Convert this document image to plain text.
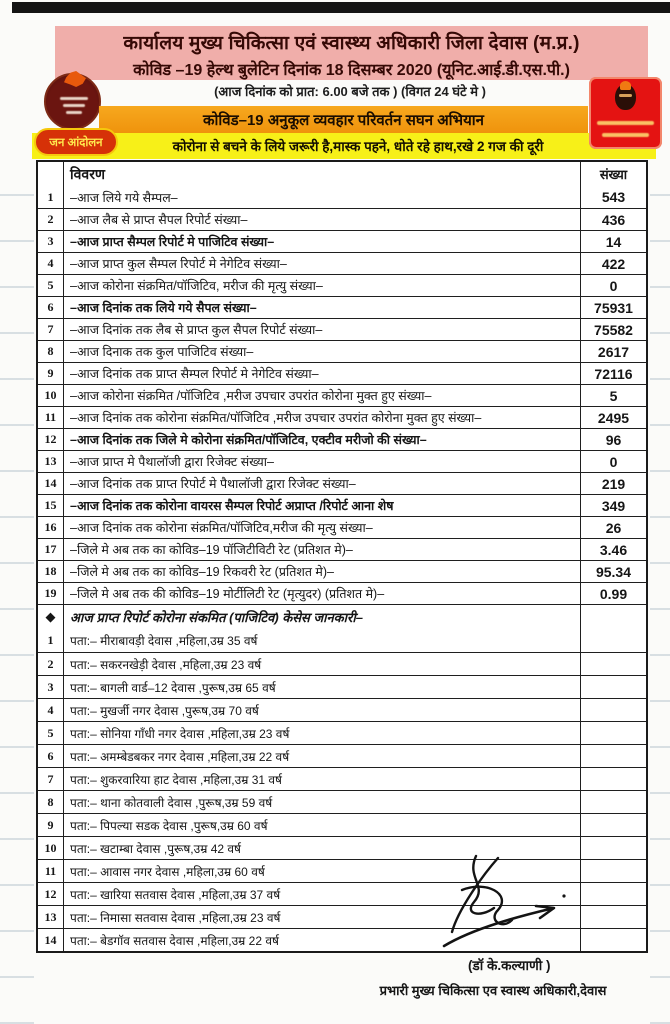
कार्यालय मुख्य चिकित्सा एवं स्वास्थ्य अधिकारी जिला देवास (म.प्र.)
कोविड –19 हेल्थ बुलेटिन दिनांक 18 दिसम्बर 2020 (यूनिट.आई.डी.एस.पी.)
(आज दिनांक को प्रात: 6.00 बजे तक ) (विगत 24 घंटे मे )
जन आंदोलन
कोविड–19 अनुकूल व्यवहार परिवर्तन सघन अभियान
कोरोना से बचने के लिये जरूरी है,मास्क पहने, धोते रहे हाथ,रखे 2 गज की दूरी
विवरण	संख्या
1	–आज लिये गये सैम्पल–	543
2	–आज लैब से प्राप्त सैपल रिपोर्ट संख्या–	436
3	–आज प्राप्त सैम्पल रिपोर्ट मे पाजिटिव संख्या–	14
4	–आज प्राप्त कुल सैम्पल रिपोर्ट मे नेगेटिव संख्या–	422
5	–आज कोरोना संक्रमित/पॉजिटिव, मरीज की मृत्यु संख्या–	0
6	–आज दिनांक तक लिये गये सैपल संख्या–	75931
7	–आज दिनांक तक लैब से प्राप्त कुल सैपल रिपोर्ट संख्या–	75582
8	–आज दिनाक तक कुल पाजिटिव संख्या–	2617
9	–आज दिनांक तक प्राप्त सैम्पल रिपोर्ट मे नेगेटिव संख्या–	72116
10	–आज कोरोना संक्रमित /पॉजिटिव ,मरीज उपचार उपरांत कोरोना मुक्त हुए संख्या–	5
11	–आज दिनांक तक कोरोना संक्रमित/पॉजिटिव ,मरीज उपचार उपरांत कोरोना मुक्त हुए संख्या–	2495
12	–आज दिनांक तक जिले मे कोरोना संक्रमित/पॉजिटिव, एक्टीव मरीजो की संख्या–	96
13	–आज प्राप्त मे पैथालॉजी द्वारा रिजेक्ट संख्या–	0
14	–आज दिनांक तक प्राप्त रिपोर्ट मे पैथालॉजी द्वारा रिजेक्ट संख्या–	219
15	–आज दिनांक तक कोरोना वायरस सैम्पल रिपोर्ट अप्राप्त /रिपोर्ट आना शेष	349
16	–आज दिनांक तक कोरोना संक्रमित/पॉजिटिव,मरीज की मृत्यु संख्या–	26
17	–जिले मे अब तक का कोविड–19 पॉजिटीविटी रेट (प्रतिशत मे)–	3.46
18	–जिले मे अब तक का कोविड–19 रिकवरी रेट (प्रतिशत मे)–	95.34
19	–जिले मे अब तक की कोविड–19 मोर्टीलिटी रेट (मृत्युदर) (प्रतिशत मे)–	0.99
◆	आज प्राप्त रिपोर्ट कोरोना संकमित (पाजिटिव) केसेस जानकारी–
1	पता:– मीराबावड़ी देवास ,महिला,उम्र 35 वर्ष
2	पता:– सकरनखेड़ी देवास ,महिला,उम्र 23 वर्ष
3	पता:– बागली वार्ड–12 देवास ,पुरूष,उम्र 65 वर्ष
4	पता:– मुखर्जी नगर देवास ,पुरूष,उम्र 70 वर्ष
5	पता:– सोनिया गाँधी नगर देवास ,महिला,उम्र 23 वर्ष
6	पता:– अमम्बेडबकर नगर देवास ,महिला,उम्र 22 वर्ष
7	पता:– शुकरवारिया हाट देवास ,महिला,उम्र 31 वर्ष
8	पता:– थाना कोतवाली देवास ,पुरूष,उम्र 59 वर्ष
9	पता:– पिपल्या सडक देवास ,पुरूष,उम्र 60 वर्ष
10	पता:– खटाम्बा देवास ,पुरूष,उम्र 42 वर्ष
11	पता:– आवास नगर देवास ,महिला,उम्र 60 वर्ष
12	पता:– खारिया सतवास देवास ,महिला,उम्र 37 वर्ष
13	पता:– निमासा सतवास देवास ,महिला,उम्र 23 वर्ष
14	पता:– बेडगॉव सतवास देवास ,महिला,उम्र 22 वर्ष
(डॉ के.कल्याणी )
प्रभारी मुख्य चिकित्सा एव स्वास्थ अधिकारी,देवास
